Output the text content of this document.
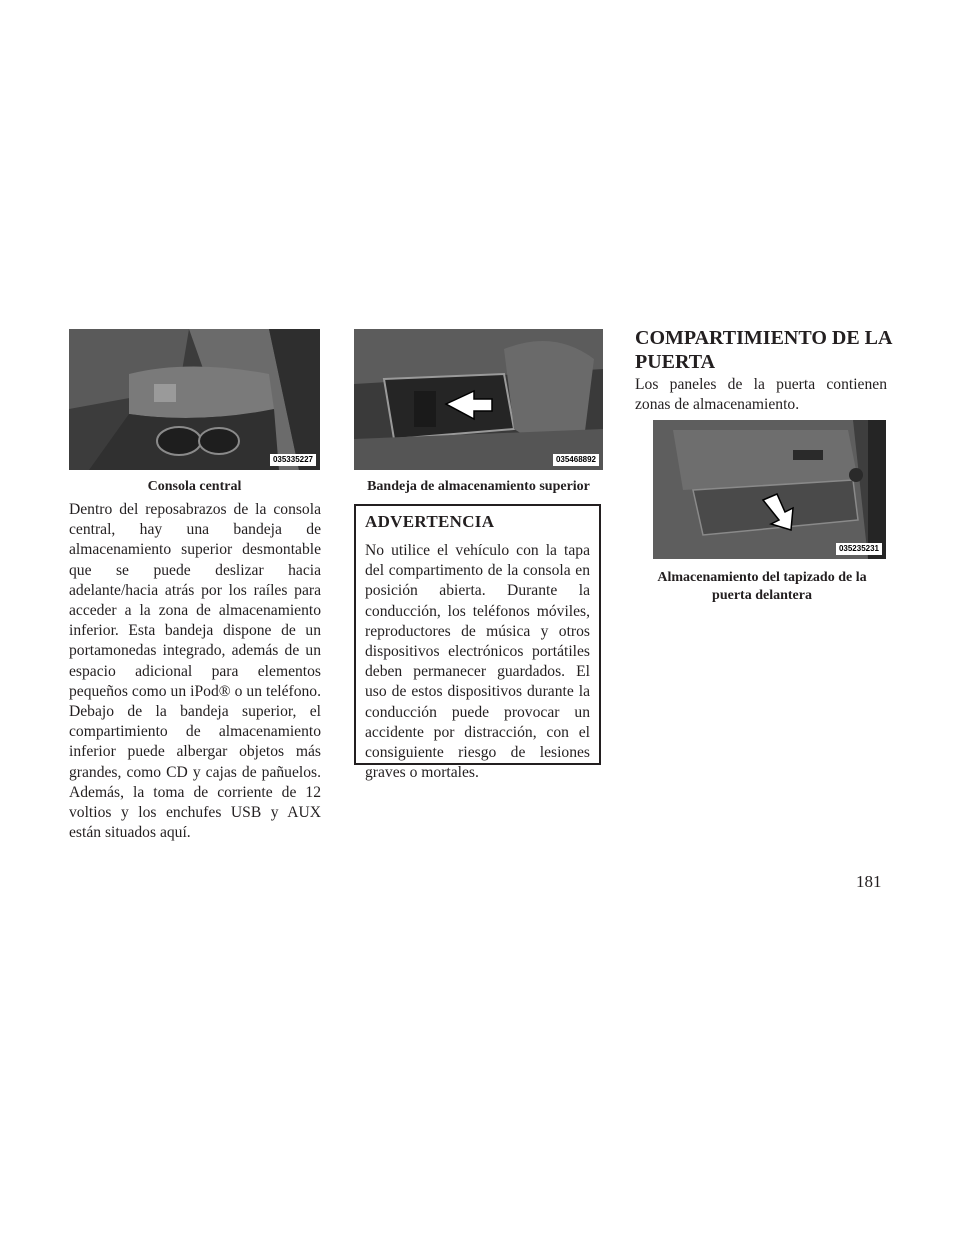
035335227
Consola central
035468892
Bandeja de almacenamiento superior
035235231
Almacenamiento del tapizado de la puerta delantera

Dentro del reposabrazos de la consola central, hay una bandeja de almacenamiento superior desmontable que se puede deslizar hacia adelante/hacia atrás por los raíles para acceder a la zona de almacenamiento inferior. Esta bandeja dispone de un portamonedas integrado, además de un espacio adicional para elementos pequeños como un iPod® o un teléfono. Debajo de la bandeja superior, el compartimiento de almacenamiento inferior puede albergar objetos más grandes, como CD y cajas de pañuelos. Además, la toma de corriente de 12 voltios y los enchufes USB y AUX están situados aquí.

ADVERTENCIA

No utilice el vehículo con la tapa del compartimento de la consola en posición abierta. Durante la conducción, los teléfonos móviles, reproductores de música y otros dispositivos electrónicos portátiles deben permanecer guardados. El uso de estos dispositivos durante la conducción puede provocar un accidente por distracción, con el consiguiente riesgo de lesiones graves o mortales.

COMPARTIMIENTO DE LA PUERTA

Los paneles de la puerta contienen zonas de almacenamiento.

181
